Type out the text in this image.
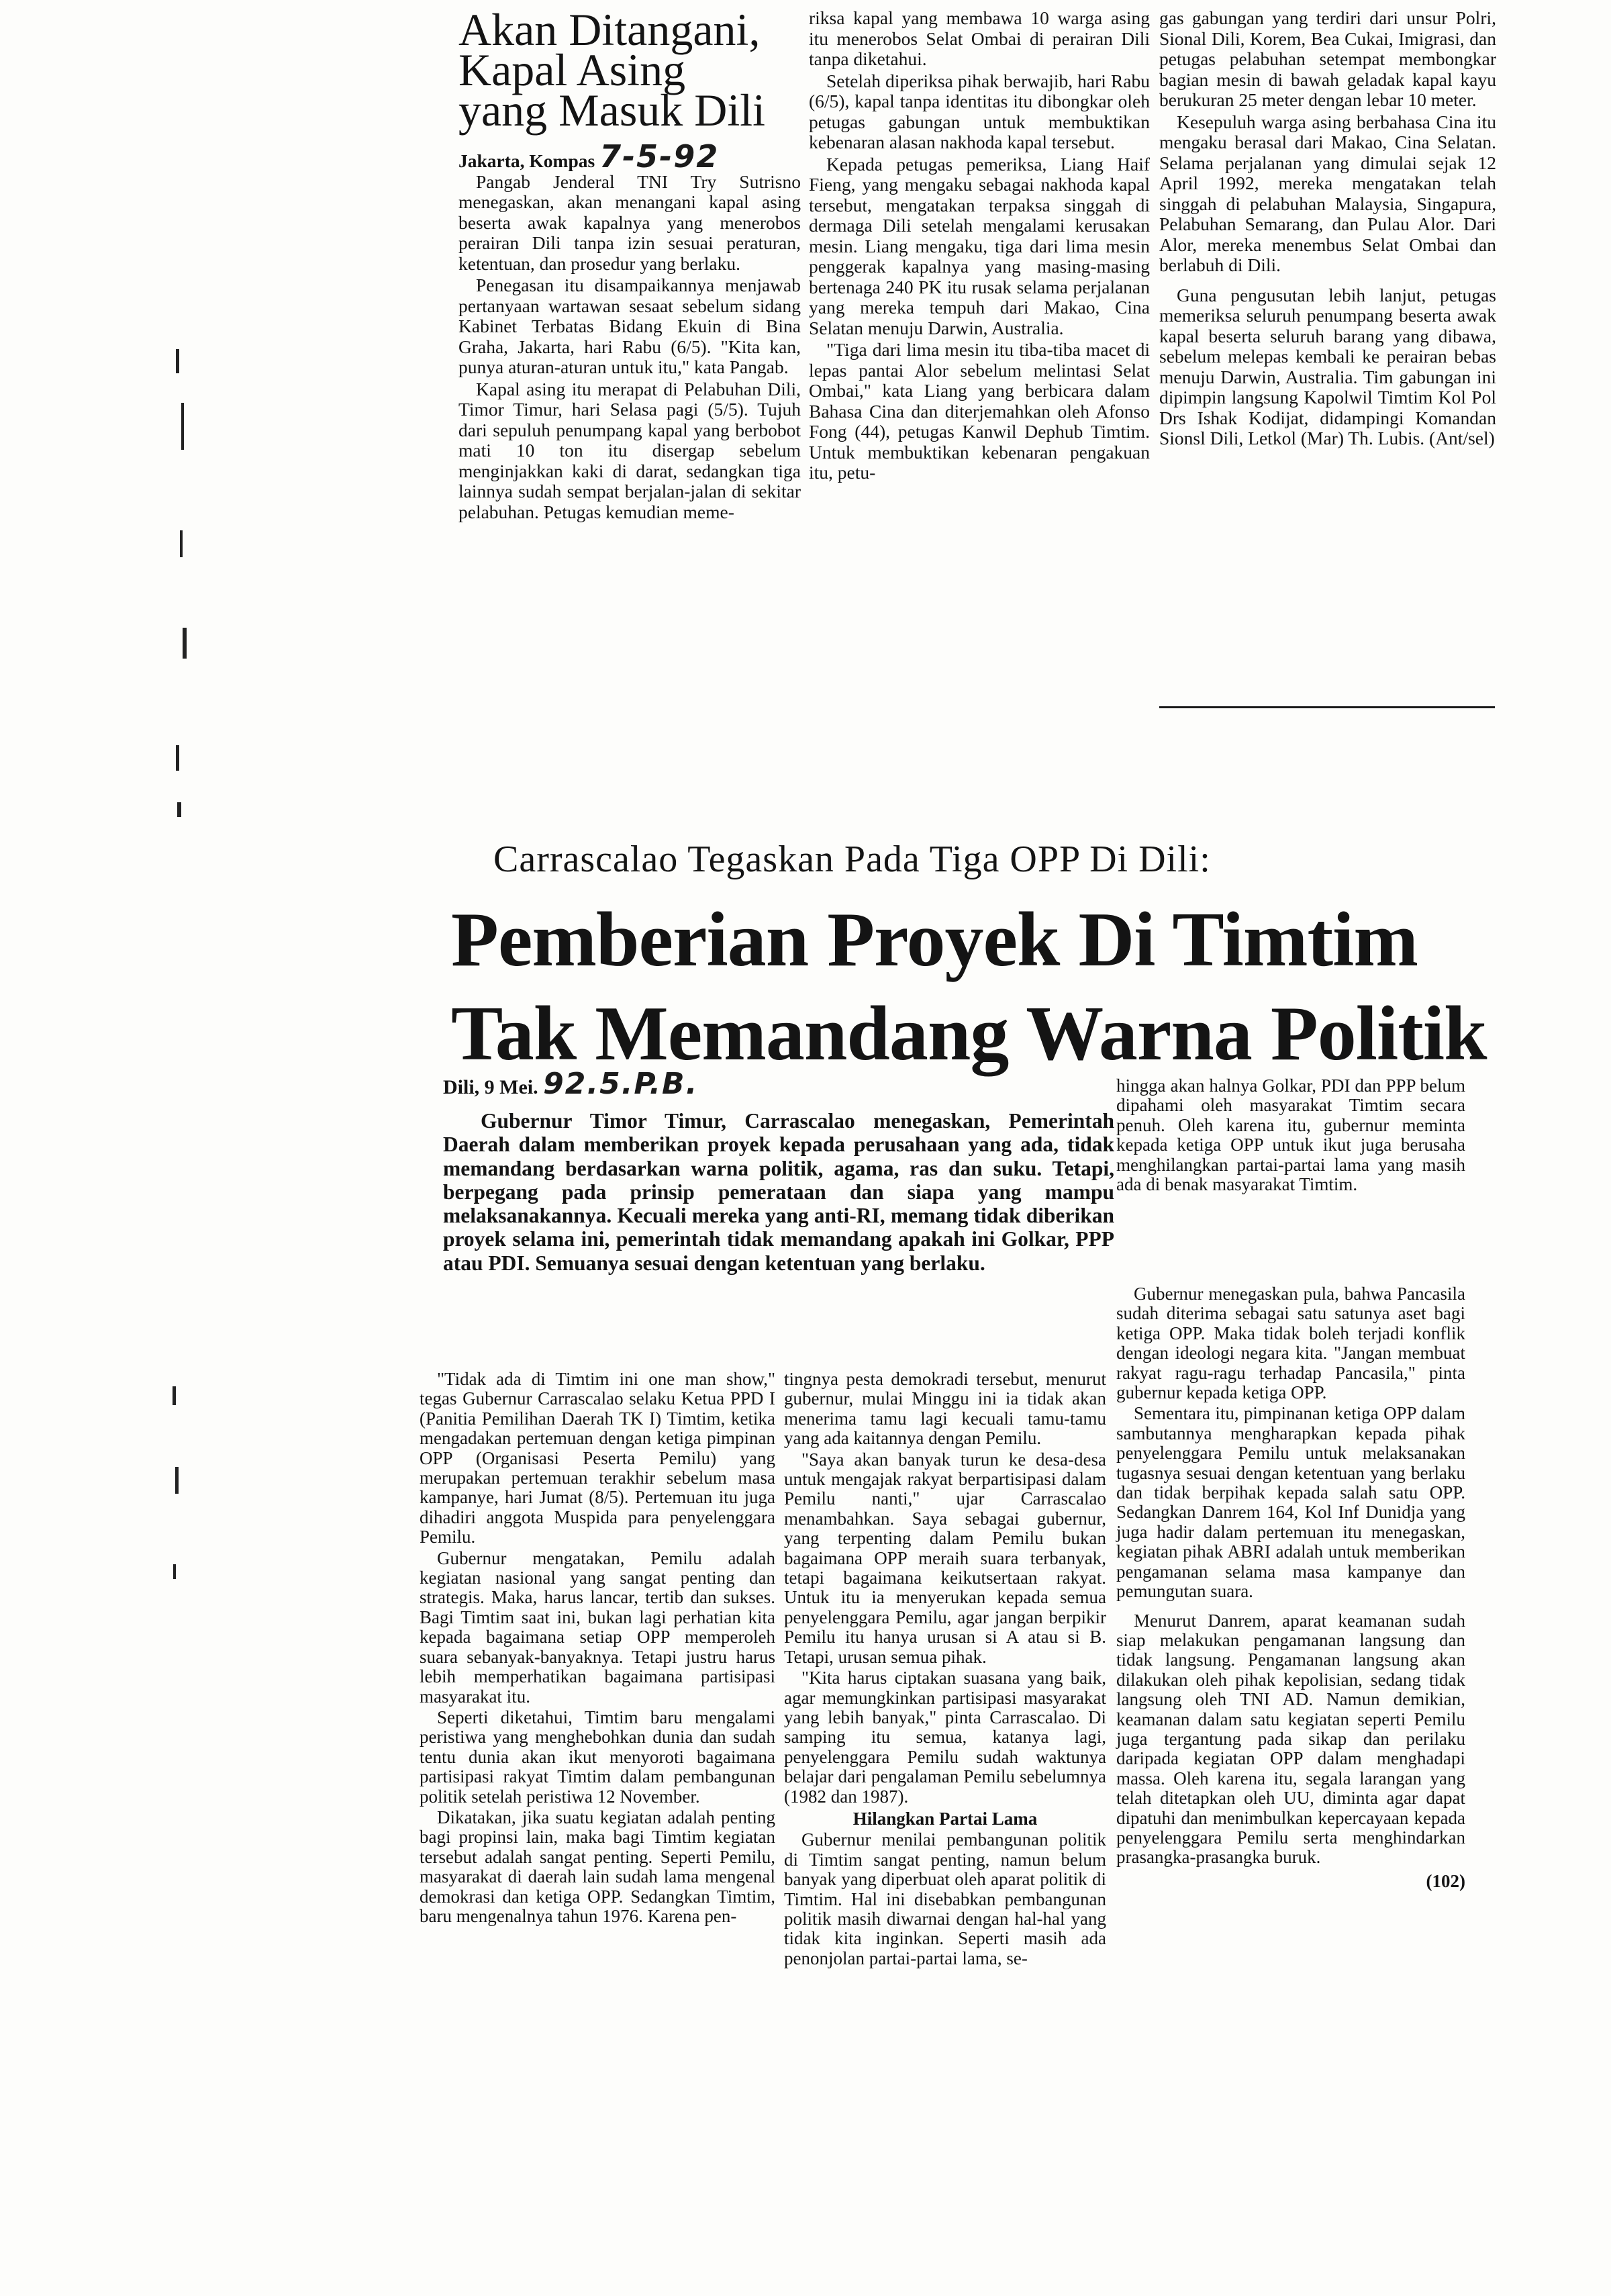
Akan Ditangani,
Kapal Asing
yang Masuk Dili

Jakarta, Kompas 7-5-92

Pangab Jenderal TNI Try Sutrisno menegaskan, akan menangani kapal asing beserta awak kapalnya yang menerobos perairan Dili tanpa izin sesuai peraturan, ketentuan, dan prosedur yang berlaku.

Penegasan itu disampaikannya menjawab pertanyaan wartawan sesaat sebelum sidang Kabinet Terbatas Bidang Ekuin di Bina Graha, Jakarta, hari Rabu (6/5). "Kita kan, punya aturan-aturan untuk itu," kata Pangab.

Kapal asing itu merapat di Pelabuhan Dili, Timor Timur, hari Selasa pagi (5/5). Tujuh dari sepuluh penumpang kapal yang berbobot mati 10 ton itu disergap sebelum menginjakkan kaki di darat, sedangkan tiga lainnya sudah sempat berjalan-jalan di sekitar pelabuhan. Petugas kemudian meme-

riksa kapal yang membawa 10 warga asing itu menerobos Selat Ombai di perairan Dili tanpa diketahui.

Setelah diperiksa pihak berwajib, hari Rabu (6/5), kapal tanpa identitas itu dibongkar oleh petugas gabungan untuk membuktikan kebenaran alasan nakhoda kapal tersebut.

Kepada petugas pemeriksa, Liang Haif Fieng, yang mengaku sebagai nakhoda kapal tersebut, mengatakan terpaksa singgah di dermaga Dili setelah mengalami kerusakan mesin. Liang mengaku, tiga dari lima mesin penggerak kapalnya yang masing-masing bertenaga 240 PK itu rusak selama perjalanan yang mereka tempuh dari Makao, Cina Selatan menuju Darwin, Australia.

"Tiga dari lima mesin itu tiba-tiba macet di lepas pantai Alor sebelum melintasi Selat Ombai," kata Liang yang berbicara dalam Bahasa Cina dan diterjemahkan oleh Afonso Fong (44), petugas Kanwil Dephub Timtim. Untuk membuktikan kebenaran pengakuan itu, petu-

gas gabungan yang terdiri dari unsur Polri, Sional Dili, Korem, Bea Cukai, Imigrasi, dan petugas pelabuhan setempat membongkar bagian mesin di bawah geladak kapal kayu berukuran 25 meter dengan lebar 10 meter.

Kesepuluh warga asing berbahasa Cina itu mengaku berasal dari Makao, Cina Selatan. Selama perjalanan yang dimulai sejak 12 April 1992, mereka mengatakan telah singgah di pelabuhan Malaysia, Singapura, Pelabuhan Semarang, dan Pulau Alor. Dari Alor, mereka menembus Selat Ombai dan berlabuh di Dili.

Guna pengusutan lebih lanjut, petugas memeriksa seluruh penumpang beserta awak kapal beserta seluruh barang yang dibawa, sebelum melepas kembali ke perairan bebas menuju Darwin, Australia. Tim gabungan ini dipimpin langsung Kapolwil Timtim Kol Pol Drs Ishak Kodijat, didampingi Komandan Sionsl Dili, Letkol (Mar) Th. Lubis. (Ant/sel)

Carrascalao Tegaskan Pada Tiga OPP Di Dili:
Pemberian Proyek Di Timtim
Tak Memandang Warna Politik
Dili, 9 Mei. 92.5.P.B.

Gubernur Timor Timur, Carrascalao menegaskan, Pemerintah Daerah dalam memberikan proyek kepada perusahaan yang ada, tidak memandang berdasarkan warna politik, agama, ras dan suku. Tetapi, berpegang pada prinsip pemerataan dan siapa yang mampu melaksanakannya. Kecuali mereka yang anti-RI, memang tidak diberikan proyek selama ini, pemerintah tidak memandang apakah ini Golkar, PPP atau PDI. Semuanya sesuai dengan ketentuan yang berlaku.

hingga akan halnya Golkar, PDI dan PPP belum dipahami oleh masyarakat Timtim secara penuh. Oleh karena itu, gubernur meminta kepada ketiga OPP untuk ikut juga berusaha menghilangkan partai-partai lama yang masih ada di benak masyarakat Timtim.

"Tidak ada di Timtim ini one man show," tegas Gubernur Carrascalao selaku Ketua PPD I (Panitia Pemilihan Daerah TK I) Timtim, ketika mengadakan pertemuan dengan ketiga pimpinan OPP (Organisasi Peserta Pemilu) yang merupakan pertemuan terakhir sebelum masa kampanye, hari Jumat (8/5). Pertemuan itu juga dihadiri anggota Muspida para penyelenggara Pemilu.

Gubernur mengatakan, Pemilu adalah kegiatan nasional yang sangat penting dan strategis. Maka, harus lancar, tertib dan sukses. Bagi Timtim saat ini, bukan lagi perhatian kita kepada bagaimana setiap OPP memperoleh suara sebanyak-banyaknya. Tetapi justru harus lebih memperhatikan bagaimana partisipasi masyarakat itu.

Seperti diketahui, Timtim baru mengalami peristiwa yang menghebohkan dunia dan sudah tentu dunia akan ikut menyoroti bagaimana partisipasi rakyat Timtim dalam pembangunan politik setelah peristiwa 12 November.

Dikatakan, jika suatu kegiatan adalah penting bagi propinsi lain, maka bagi Timtim kegiatan tersebut adalah sangat penting. Seperti Pemilu, masyarakat di daerah lain sudah lama mengenal demokrasi dan ketiga OPP. Sedangkan Timtim, baru mengenalnya tahun 1976. Karena pen-

tingnya pesta demokradi tersebut, menurut gubernur, mulai Minggu ini ia tidak akan menerima tamu lagi kecuali tamu-tamu yang ada kaitannya dengan Pemilu.

"Saya akan banyak turun ke desa-desa untuk mengajak rakyat berpartisipasi dalam Pemilu nanti," ujar Carrascalao menambahkan. Saya sebagai gubernur, yang terpenting dalam Pemilu bukan bagaimana OPP meraih suara terbanyak, tetapi bagaimana keikutsertaan rakyat. Untuk itu ia menyerukan kepada semua penyelenggara Pemilu, agar jangan berpikir Pemilu itu hanya urusan si A atau si B. Tetapi, urusan semua pihak.

"Kita harus ciptakan suasana yang baik, agar memungkinkan partisipasi masyarakat yang lebih banyak," pinta Carrascalao. Di samping itu semua, katanya lagi, penyelenggara Pemilu sudah waktunya belajar dari pengalaman Pemilu sebelumnya (1982 dan 1987).

Hilangkan Partai Lama

Gubernur menilai pembangunan politik di Timtim sangat penting, namun belum banyak yang diperbuat oleh aparat politik di Timtim. Hal ini disebabkan pembangunan politik masih diwarnai dengan hal-hal yang tidak kita inginkan. Seperti masih ada penonjolan partai-partai lama, se-

Gubernur menegaskan pula, bahwa Pancasila sudah diterima sebagai satu satunya aset bagi ketiga OPP. Maka tidak boleh terjadi konflik dengan ideologi negara kita. "Jangan membuat rakyat ragu-ragu terhadap Pancasila," pinta gubernur kepada ketiga OPP.

Sementara itu, pimpinanan ketiga OPP dalam sambutannya mengharapkan kepada pihak penyelenggara Pemilu untuk melaksanakan tugasnya sesuai dengan ketentuan yang berlaku dan tidak berpihak kepada salah satu OPP. Sedangkan Danrem 164, Kol Inf Dunidja yang juga hadir dalam pertemuan itu menegaskan, kegiatan pihak ABRI adalah untuk memberikan pengamanan selama masa kampanye dan pemungutan suara.

Menurut Danrem, aparat keamanan sudah siap melakukan pengamanan langsung dan tidak langsung. Pengamanan langsung akan dilakukan oleh pihak kepolisian, sedang tidak langsung oleh TNI AD. Namun demikian, keamanan dalam satu kegiatan seperti Pemilu juga tergantung pada sikap dan perilaku daripada kegiatan OPP dalam menghadapi massa. Oleh karena itu, segala larangan yang telah ditetapkan oleh UU, diminta agar dapat dipatuhi dan menimbulkan kepercayaan kepada penyelenggara Pemilu serta menghindarkan prasangka-prasangka buruk.

(102)
